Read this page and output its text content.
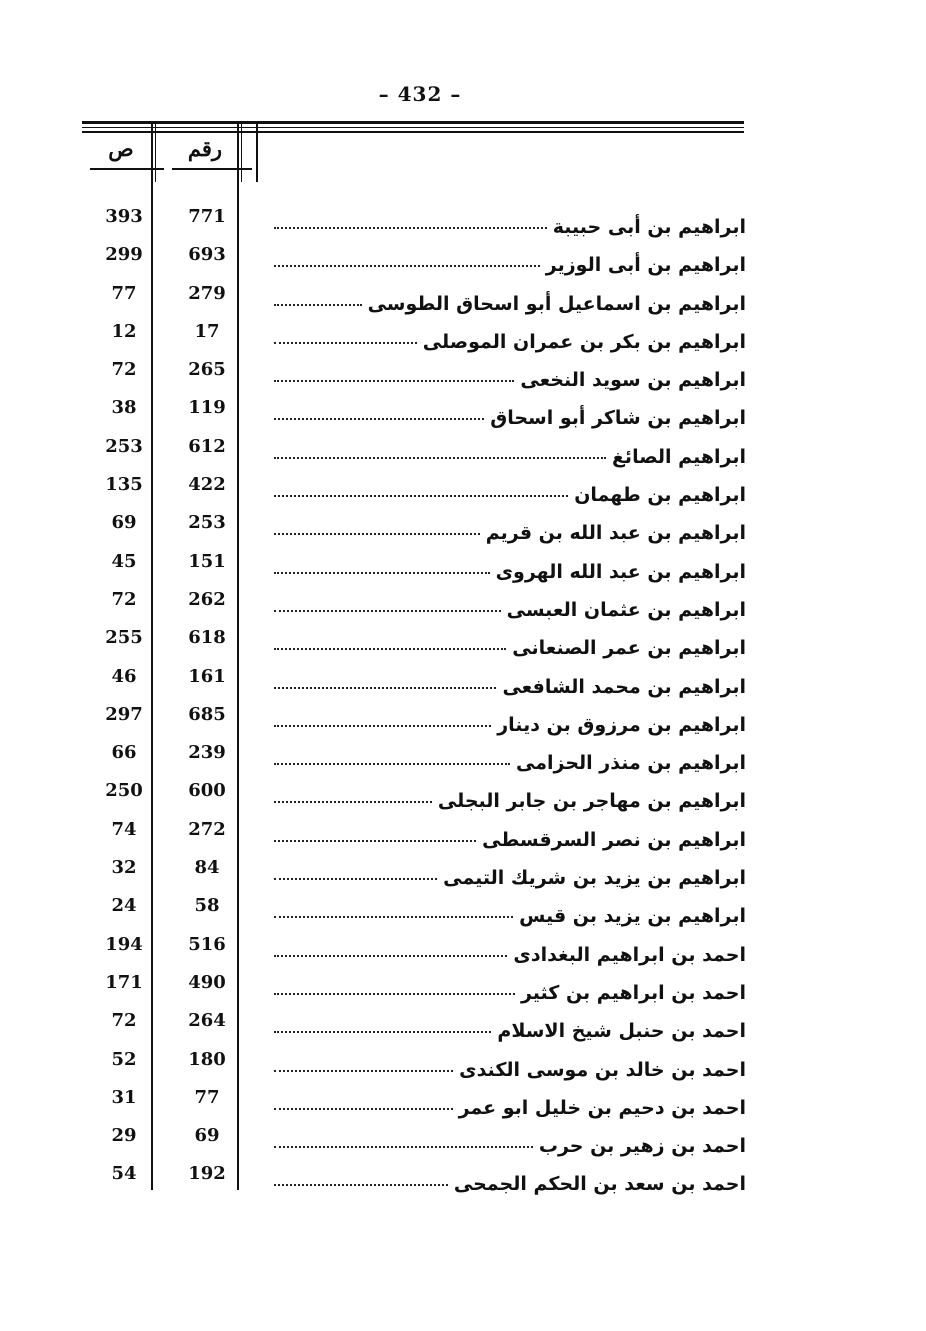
– 432 –
ص	رقم
393	771	ابراهيم بن أبى حبيبة
299	693	ابراهيم بن أبى الوزير
77	279	ابراهيم بن اسماعيل أبو اسحاق الطوسى
12	17	ابراهيم بن بكر بن عمران الموصلى
72	265	ابراهيم بن سويد النخعى
38	119	ابراهيم بن شاكر أبو اسحاق
253	612	ابراهيم الصائغ
135	422	ابراهيم بن طهمان
69	253	ابراهيم بن عبد الله بن قريم
45	151	ابراهيم بن عبد الله الهروى
72	262	ابراهيم بن عثمان العبسى
255	618	ابراهيم بن عمر الصنعانى
46	161	ابراهيم بن محمد الشافعى
297	685	ابراهيم بن مرزوق بن دينار
66	239	ابراهيم بن منذر الحزامى
250	600	ابراهيم بن مهاجر بن جابر البجلى
74	272	ابراهيم بن نصر السرقسطى
32	84	ابراهيم بن يزيد بن شريك التيمى
24	58	ابراهيم بن يزيد بن قيس
194	516	احمد بن ابراهيم البغدادى
171	490	احمد بن ابراهيم بن كثير
72	264	احمد بن حنبل شيخ الاسلام
52	180	احمد بن خالد بن موسى الكندى
31	77	احمد بن دحيم بن خليل ابو عمر
29	69	احمد بن زهير بن حرب
54	192	احمد بن سعد بن الحكم الجمحى
